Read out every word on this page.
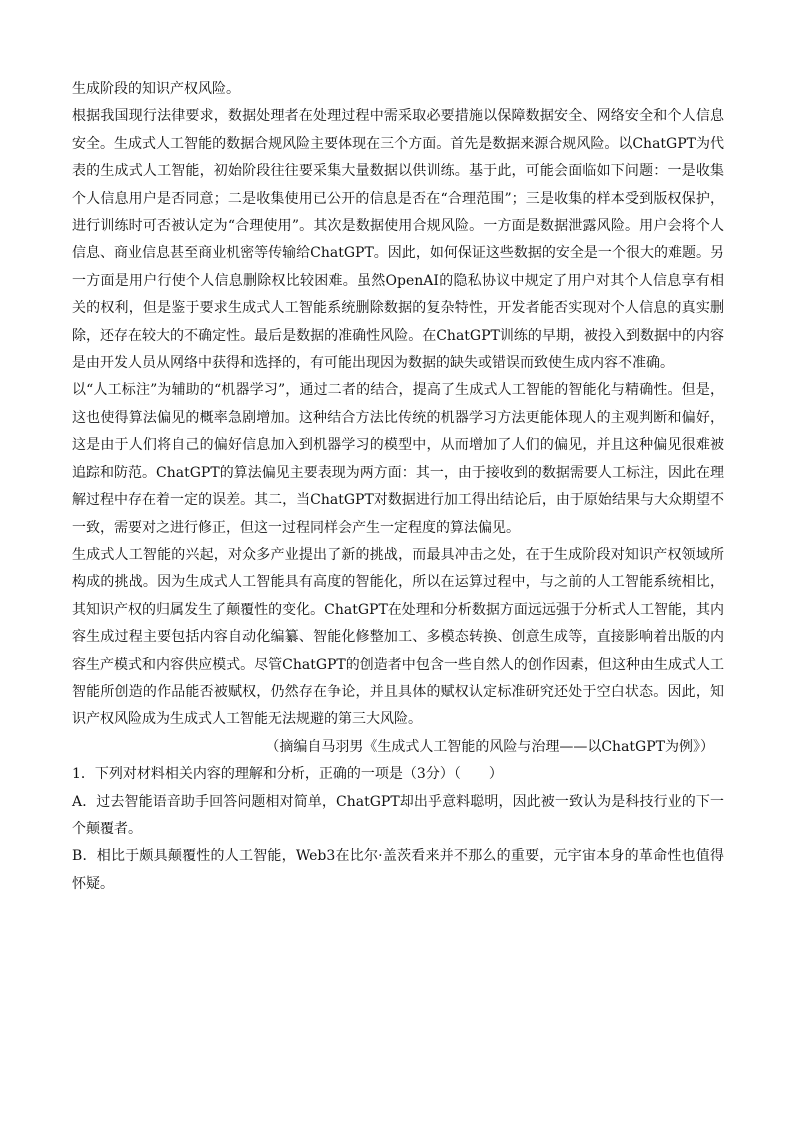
生成阶段的知识产权风险。

根据我国现行法律要求，数据处理者在处理过程中需采取必要措施以保障数据安全、网络安全和个人信息安全。生成式人工智能的数据合规风险主要体现在三个方面。首先是数据来源合规风险。以ChatGPT为代表的生成式人工智能，初始阶段往往要采集大量数据以供训练。基于此，可能会面临如下问题：一是收集个人信息用户是否同意；二是收集使用已公开的信息是否在“合理范围”；三是收集的样本受到版权保护，进行训练时可否被认定为“合理使用”。其次是数据使用合规风险。一方面是数据泄露风险。用户会将个人信息、商业信息甚至商业机密等传输给ChatGPT。因此，如何保证这些数据的安全是一个很大的难题。另一方面是用户行使个人信息删除权比较困难。虽然OpenAI的隐私协议中规定了用户对其个人信息享有相关的权利，但是鉴于要求生成式人工智能系统删除数据的复杂特性，开发者能否实现对个人信息的真实删除，还存在较大的不确定性。最后是数据的准确性风险。在ChatGPT训练的早期，被投入到数据中的内容是由开发人员从网络中获得和选择的，有可能出现因为数据的缺失或错误而致使生成内容不准确。

以“人工标注”为辅助的“机器学习”，通过二者的结合，提高了生成式人工智能的智能化与精确性。但是，这也使得算法偏见的概率急剧增加。这种结合方法比传统的机器学习方法更能体现人的主观判断和偏好，这是由于人们将自己的偏好信息加入到机器学习的模型中，从而增加了人们的偏见，并且这种偏见很难被追踪和防范。ChatGPT的算法偏见主要表现为两方面：其一，由于接收到的数据需要人工标注，因此在理解过程中存在着一定的误差。其二，当ChatGPT对数据进行加工得出结论后，由于原始结果与大众期望不一致，需要对之进行修正，但这一过程同样会产生一定程度的算法偏见。

生成式人工智能的兴起，对众多产业提出了新的挑战，而最具冲击之处，在于生成阶段对知识产权领域所构成的挑战。因为生成式人工智能具有高度的智能化，所以在运算过程中，与之前的人工智能系统相比，其知识产权的归属发生了颠覆性的变化。ChatGPT在处理和分析数据方面远远强于分析式人工智能，其内容生成过程主要包括内容自动化编纂、智能化修整加工、多模态转换、创意生成等，直接影响着出版的内容生产模式和内容供应模式。尽管ChatGPT的创造者中包含一些自然人的创作因素，但这种由生成式人工智能所创造的作品能否被赋权，仍然存在争论，并且具体的赋权认定标准研究还处于空白状态。因此，知识产权风险成为生成式人工智能无法规避的第三大风险。

（摘编自马羽男《生成式人工智能的风险与治理——以ChatGPT为例》）

1．下列对材料相关内容的理解和分析，正确的一项是（3分）（　　）

A．过去智能语音助手回答问题相对简单，ChatGPT却出乎意料聪明，因此被一致认为是科技行业的下一个颠覆者。

B．相比于颇具颠覆性的人工智能，Web3在比尔·盖茨看来并不那么的重要，元宇宙本身的革命性也值得怀疑。
